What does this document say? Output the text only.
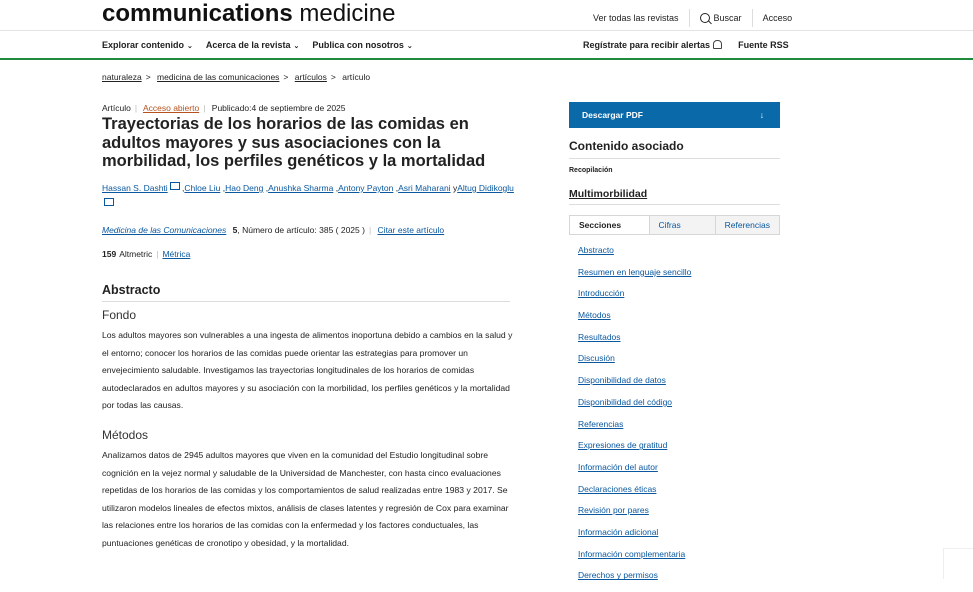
communications medicine	Ver todas las revistas	Buscar Acceso
Explorar contenido ⌄ Acerca de la revista ⌄ Publica con nosotros ⌄	Regístrate para recibir alertas	Fuente RSS
naturaleza > medicina de las comunicaciones > artículos > artículo
Artículo | Acceso abierto | Publicado:4 de septiembre de 2025
Trayectorias de los horarios de las comidas en adultos mayores y sus asociaciones con la morbilidad, los perfiles genéticos y la mortalidad
Hassan S. Dashti ,Chloe Liu ,Hao Deng ,Anushka Sharma ,Antony Payton ,Asri Maharani yAltug Didikoglu
Medicina de las Comunicaciones 5, Número de artículo: 385 ( 2025 ) | Citar este artículo
159 Altmetric | Métrica
Abstracto
Fondo
Los adultos mayores son vulnerables a una ingesta de alimentos inoportuna debido a cambios en la salud y el entorno; conocer los horarios de las comidas puede orientar las estrategias para promover un envejecimiento saludable. Investigamos las trayectorias longitudinales de los horarios de comidas autodeclarados en adultos mayores y su asociación con la morbilidad, los perfiles genéticos y la mortalidad por todas las causas.
Métodos
Analizamos datos de 2945 adultos mayores que viven en la comunidad del Estudio longitudinal sobre cognición en la vejez normal y saludable de la Universidad de Manchester, con hasta cinco evaluaciones repetidas de los horarios de las comidas y los comportamientos de salud realizadas entre 1983 y 2017. Se utilizaron modelos lineales de efectos mixtos, análisis de clases latentes y regresión de Cox para examinar las relaciones entre los horarios de las comidas con la enfermedad y los factores conductuales, las puntuaciones genéticas de cronotipo y obesidad, y la mortalidad.
Descargar PDF	↓
Contenido asociado
Recopilación
Multimorbilidad
Secciones	Cifras	Referencias
Abstracto
Resumen en lenguaje sencillo
Introducción
Métodos
Resultados
Discusión
Disponibilidad de datos
Disponibilidad del código
Referencias
Expresiones de gratitud
Información del autor
Declaraciones éticas
Revisión por pares
Información adicional
Información complementaria
Derechos y permisos
